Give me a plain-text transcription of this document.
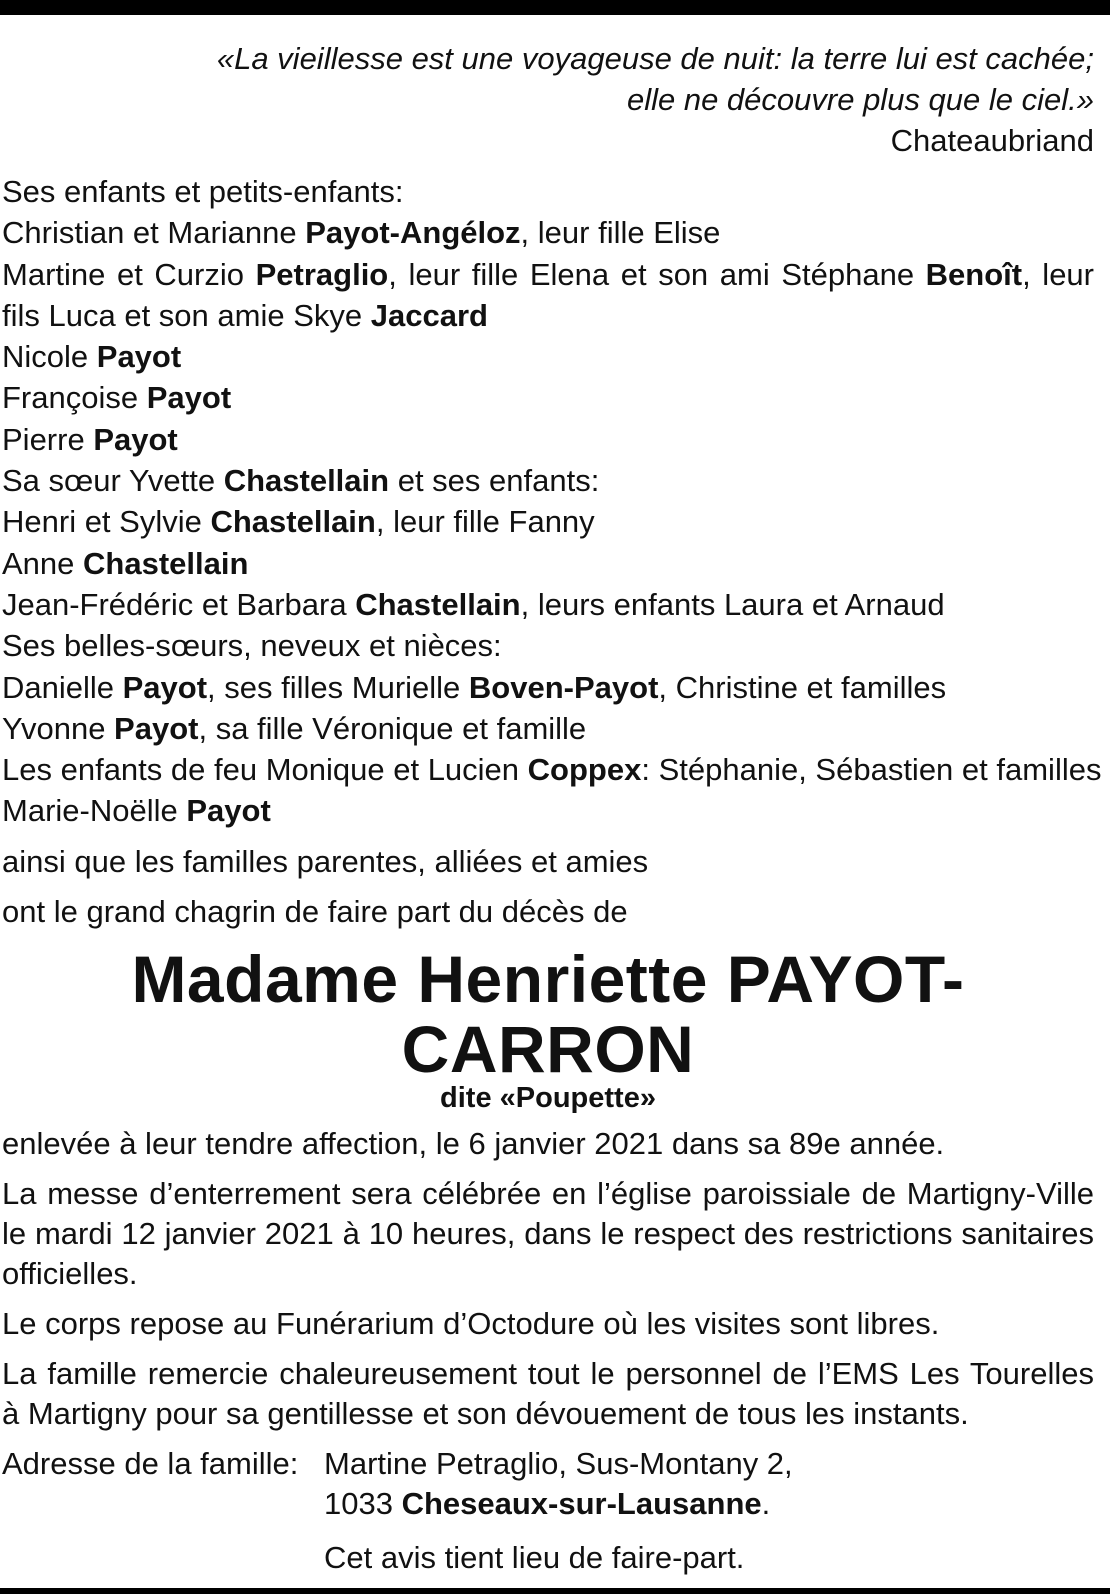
«La vieillesse est une voyageuse de nuit: la terre lui est cachée;
elle ne découvre plus que le ciel.»
Chateaubriand
Ses enfants et petits-enfants:
Christian et Marianne Payot-Angéloz, leur fille Elise
Martine et Curzio Petraglio, leur fille Elena et son ami Stéphane Benoît, leur fils Luca et son amie Skye Jaccard
Nicole Payot
Françoise Payot
Pierre Payot
Sa sœur Yvette Chastellain et ses enfants:
Henri et Sylvie Chastellain, leur fille Fanny
Anne Chastellain
Jean-Frédéric et Barbara Chastellain, leurs enfants Laura et Arnaud
Ses belles-sœurs, neveux et nièces:
Danielle Payot, ses filles Murielle Boven-Payot, Christine et familles
Yvonne Payot, sa fille Véronique et famille
Les enfants de feu Monique et Lucien Coppex: Stéphanie, Sébastien et familles
Marie-Noëlle Payot
ainsi que les familles parentes, alliées et amies
ont le grand chagrin de faire part du décès de
Madame Henriette PAYOT-CARRON
dite «Poupette»
enlevée à leur tendre affection, le 6 janvier 2021 dans sa 89e année.
La messe d’enterrement sera célébrée en l’église paroissiale de Martigny-Ville le mardi 12 janvier 2021 à 10 heures, dans le respect des restrictions sanitaires officielles.
Le corps repose au Funérarium d’Octodure où les visites sont libres.
La famille remercie chaleureusement tout le personnel de l’EMS Les Tourelles à Martigny pour sa gentillesse et son dévouement de tous les instants.
Adresse de la famille: Martine Petraglio, Sus-Montany 2,
1033 Cheseaux-sur-Lausanne.
Cet avis tient lieu de faire-part.
